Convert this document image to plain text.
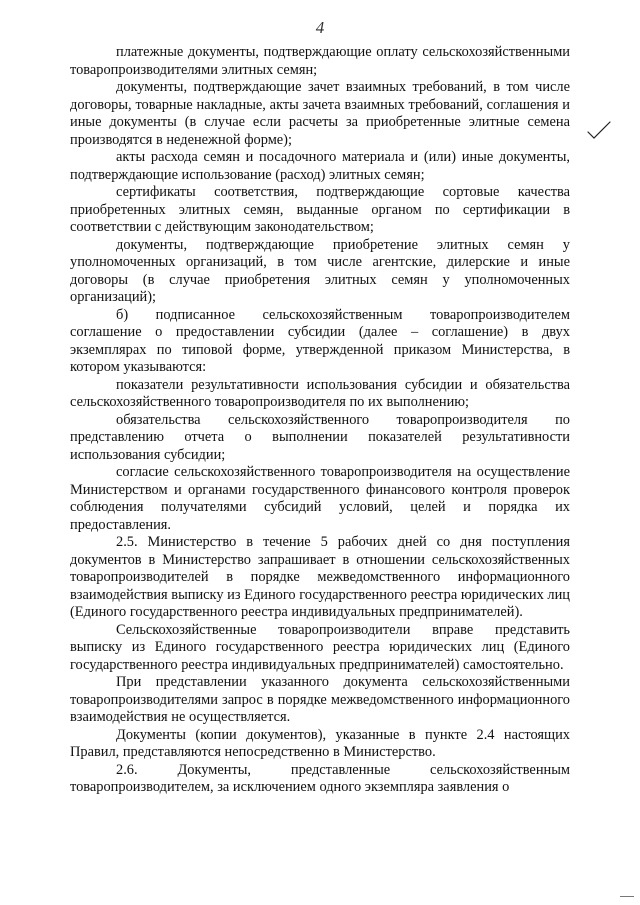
4

платежные документы, подтверждающие оплату сельскохозяйственными товаропроизводителями элитных семян;

документы, подтверждающие зачет взаимных требований, в том числе договоры, товарные накладные, акты зачета взаимных требований, соглашения и иные документы (в случае если расчеты за приобретенные элитные семена производятся в неденежной форме);

акты расхода семян и посадочного материала и (или) иные документы, подтверждающие использование (расход) элитных семян;

сертификаты соответствия, подтверждающие сортовые качества приобретенных элитных семян, выданные органом по сертификации в соответствии с действующим законодательством;

документы, подтверждающие приобретение элитных семян у уполномоченных организаций, в том числе агентские, дилерские и иные договоры (в случае приобретения элитных семян у уполномоченных организаций);

б) подписанное сельскохозяйственным товаропроизводителем соглашение о предоставлении субсидии (далее – соглашение) в двух экземплярах по типовой форме, утвержденной приказом Министерства, в котором указываются:

показатели результативности использования субсидии и обязательства сельскохозяйственного товаропроизводителя по их выполнению;

обязательства сельскохозяйственного товаропроизводителя по представлению отчета о выполнении показателей результативности использования субсидии;

согласие сельскохозяйственного товаропроизводителя на осуществление Министерством и органами государственного финансового контроля проверок соблюдения получателями субсидий условий, целей и порядка их предоставления.

2.5. Министерство в течение 5 рабочих дней со дня поступления документов в Министерство запрашивает в отношении сельскохозяйственных товаропроизводителей в порядке межведомственного информационного взаимодействия выписку из Единого государственного реестра юридических лиц (Единого государственного реестра индивидуальных предпринимателей).

Сельскохозяйственные товаропроизводители вправе представить выписку из Единого государственного реестра юридических лиц (Единого государственного реестра индивидуальных предпринимателей) самостоятельно.

При представлении указанного документа сельскохозяйственными товаропроизводителями запрос в порядке межведомственного информационного взаимодействия не осуществляется.

Документы (копии документов), указанные в пункте 2.4 настоящих Правил, представляются непосредственно в Министерство.

2.6. Документы, представленные сельскохозяйственным товаропроизводителем, за исключением одного экземпляра заявления о
